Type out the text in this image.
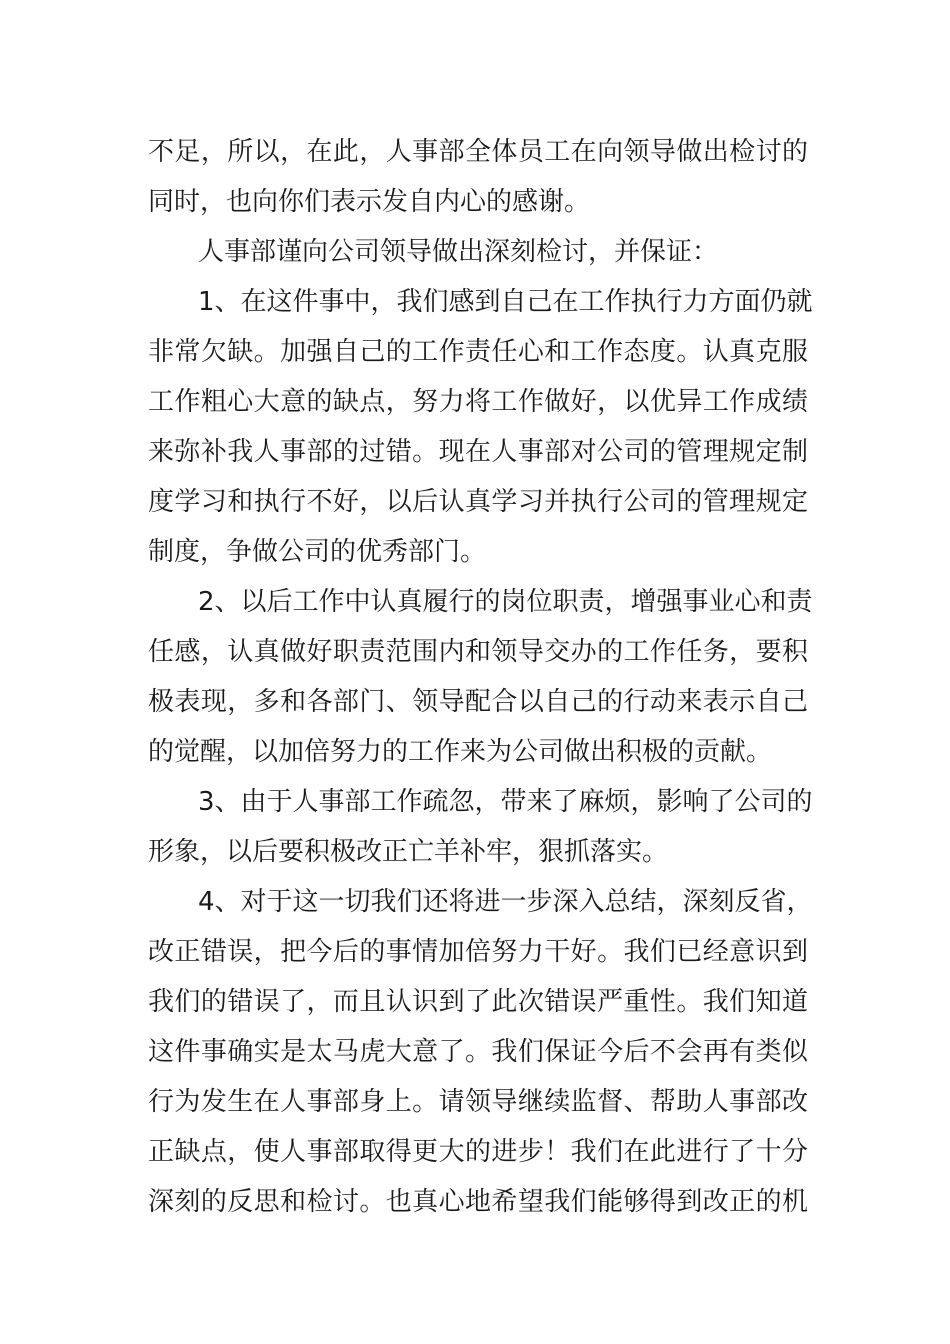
不足，所以，在此，人事部全体员工在向领导做出检讨的

同时，也向你们表示发自内心的感谢。

人事部谨向公司领导做出深刻检讨，并保证：

1、在这件事中，我们感到自己在工作执行力方面仍就

非常欠缺。加强自己的工作责任心和工作态度。认真克服

工作粗心大意的缺点，努力将工作做好，以优异工作成绩

来弥补我人事部的过错。现在人事部对公司的管理规定制

度学习和执行不好，以后认真学习并执行公司的管理规定

制度，争做公司的优秀部门。

2、以后工作中认真履行的岗位职责，增强事业心和责

任感，认真做好职责范围内和领导交办的工作任务，要积

极表现，多和各部门、领导配合以自己的行动来表示自己

的觉醒，以加倍努力的工作来为公司做出积极的贡献。

3、由于人事部工作疏忽，带来了麻烦，影响了公司的

形象，以后要积极改正亡羊补牢，狠抓落实。

4、对于这一切我们还将进一步深入总结，深刻反省，

改正错误，把今后的事情加倍努力干好。我们已经意识到

我们的错误了，而且认识到了此次错误严重性。我们知道

这件事确实是太马虎大意了。我们保证今后不会再有类似

行为发生在人事部身上。请领导继续监督、帮助人事部改

正缺点，使人事部取得更大的进步！我们在此进行了十分

深刻的反思和检讨。也真心地希望我们能够得到改正的机
